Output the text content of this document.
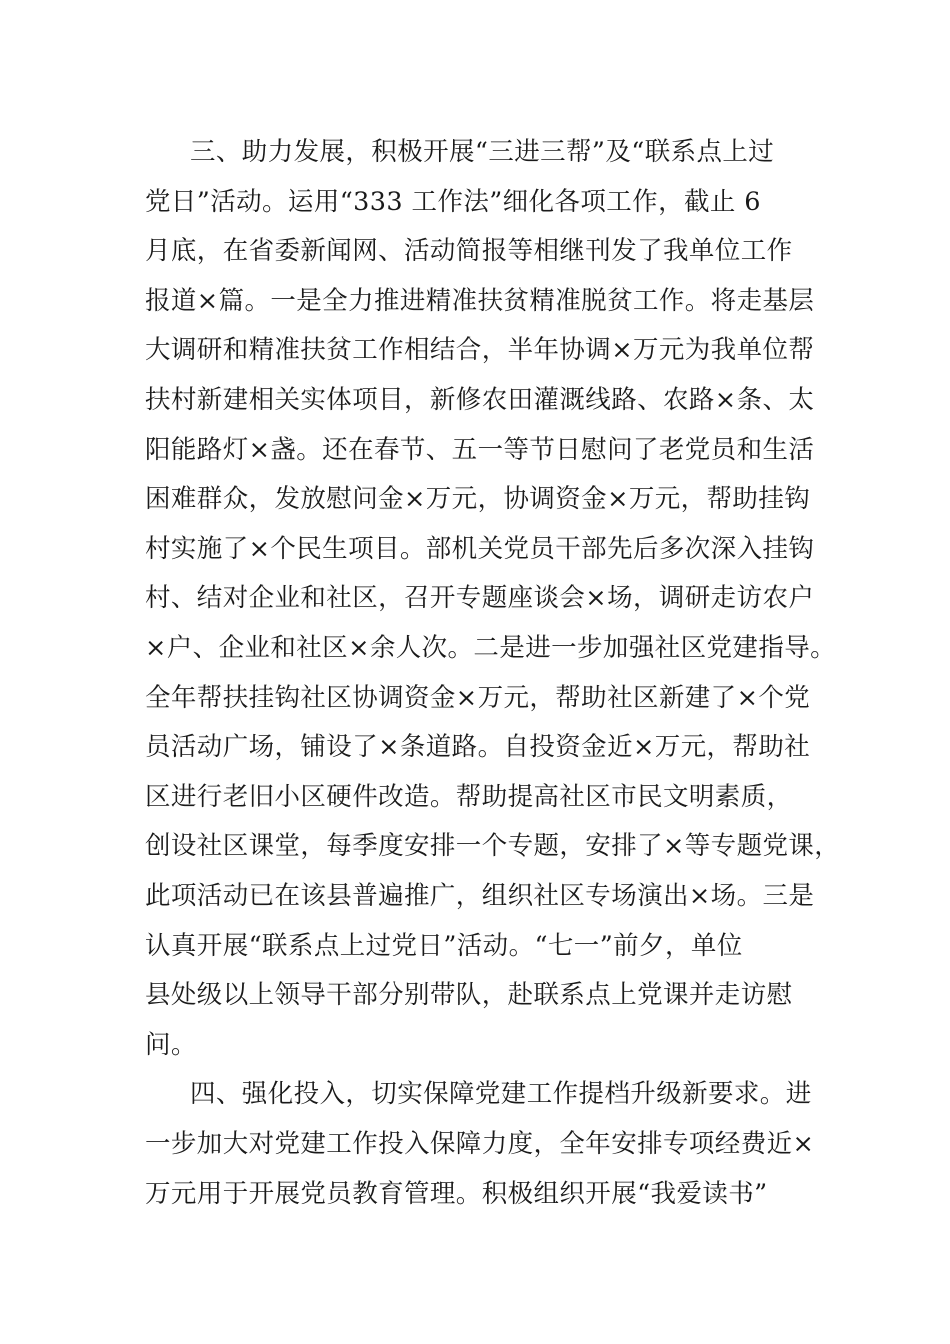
三、助力发展，积极开展“三进三帮”及“联系点上过
党日”活动。运用“333 工作法”细化各项工作，截止 6
月底，在省委新闻网、活动简报等相继刊发了我单位工作
报道×篇。一是全力推进精准扶贫精准脱贫工作。将走基层
大调研和精准扶贫工作相结合，半年协调×万元为我单位帮
扶村新建相关实体项目，新修农田灌溉线路、农路×条、太
阳能路灯×盏。还在春节、五一等节日慰问了老党员和生活
困难群众，发放慰问金×万元，协调资金×万元，帮助挂钩
村实施了×个民生项目。部机关党员干部先后多次深入挂钩
村、结对企业和社区，召开专题座谈会×场，调研走访农户
×户、企业和社区×余人次。二是进一步加强社区党建指导。
全年帮扶挂钩社区协调资金×万元，帮助社区新建了×个党
员活动广场，铺设了×条道路。自投资金近×万元，帮助社
区进行老旧小区硬件改造。帮助提高社区市民文明素质，
创设社区课堂，每季度安排一个专题，安排了×等专题党课，
此项活动已在该县普遍推广，组织社区专场演出×场。三是
认真开展“联系点上过党日”活动。“七一”前夕，单位
县处级以上领导干部分别带队，赴联系点上党课并走访慰
问。
四、强化投入，切实保障党建工作提档升级新要求。进
一步加大对党建工作投入保障力度，全年安排专项经费近×
万元用于开展党员教育管理。积极组织开展“我爱读书”
